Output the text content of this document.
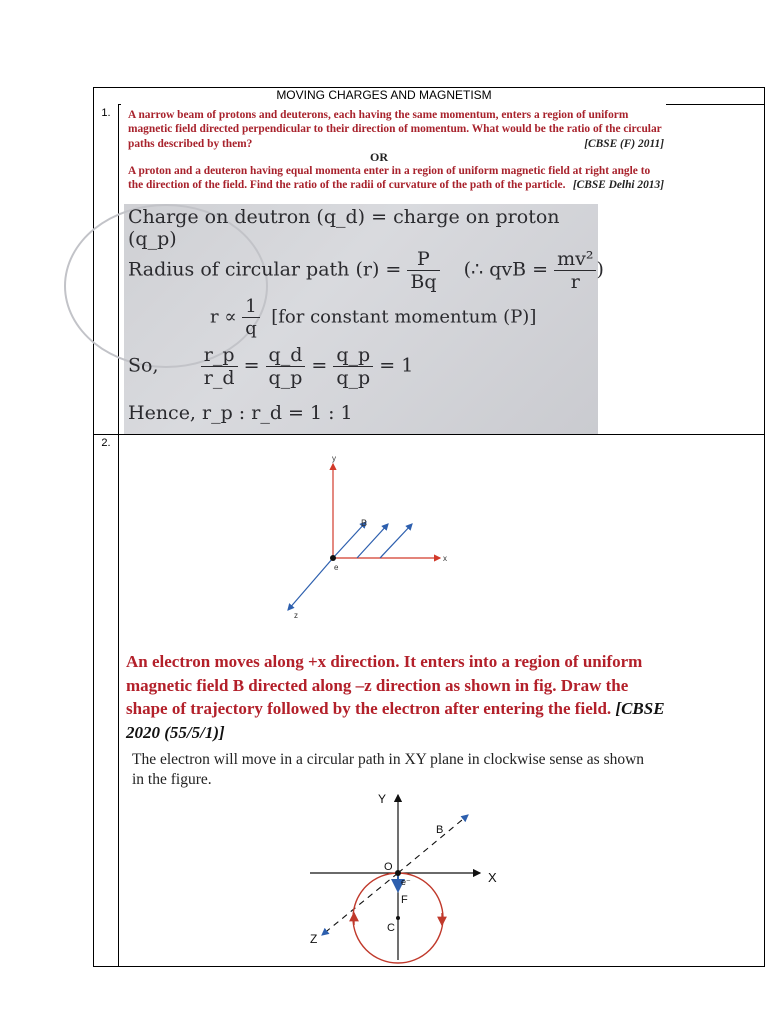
MOVING CHARGES AND MAGNETISM
1.
2.
A narrow beam of protons and deuterons, each having the same momentum, enters a region of uniform magnetic field directed perpendicular to their direction of momentum. What would be the ratio of the circular paths described by them?	[CBSE (F) 2011]
OR
A proton and a deuteron having equal momenta enter in a region of uniform magnetic field at right angle to the direction of the field. Find the ratio of the radii of curvature of the path of the particle. [CBSE Delhi 2013]
Charge on deutron (q_d) = charge on proton (q_p)
Radius of circular path $(r) = \frac{P}{Bq}$ (∴ qvB = $\frac{\text{mv²}}{r}$ )
$r \propto \frac{1}{q} [for$ constant momentum (P)]
So, $\frac{r\_p}{r\_d} = \frac{q\_d}{q\_p} = \frac{q\_p}{q\_p} = 1$
Hence, r_p : r_d = 1 : 1
y
x
z
B
e
An electron moves along +x direction. It enters into a region of uniform magnetic field B directed along –z direction as shown in fig. Draw the shape of trajectory followed by the electron after entering the field. [CBSE 2020 (55/5/1)]
The electron will move in a circular path in XY plane in clockwise sense as shown in the figure.
Y
X
Z
B
O
e⁻
F
C
